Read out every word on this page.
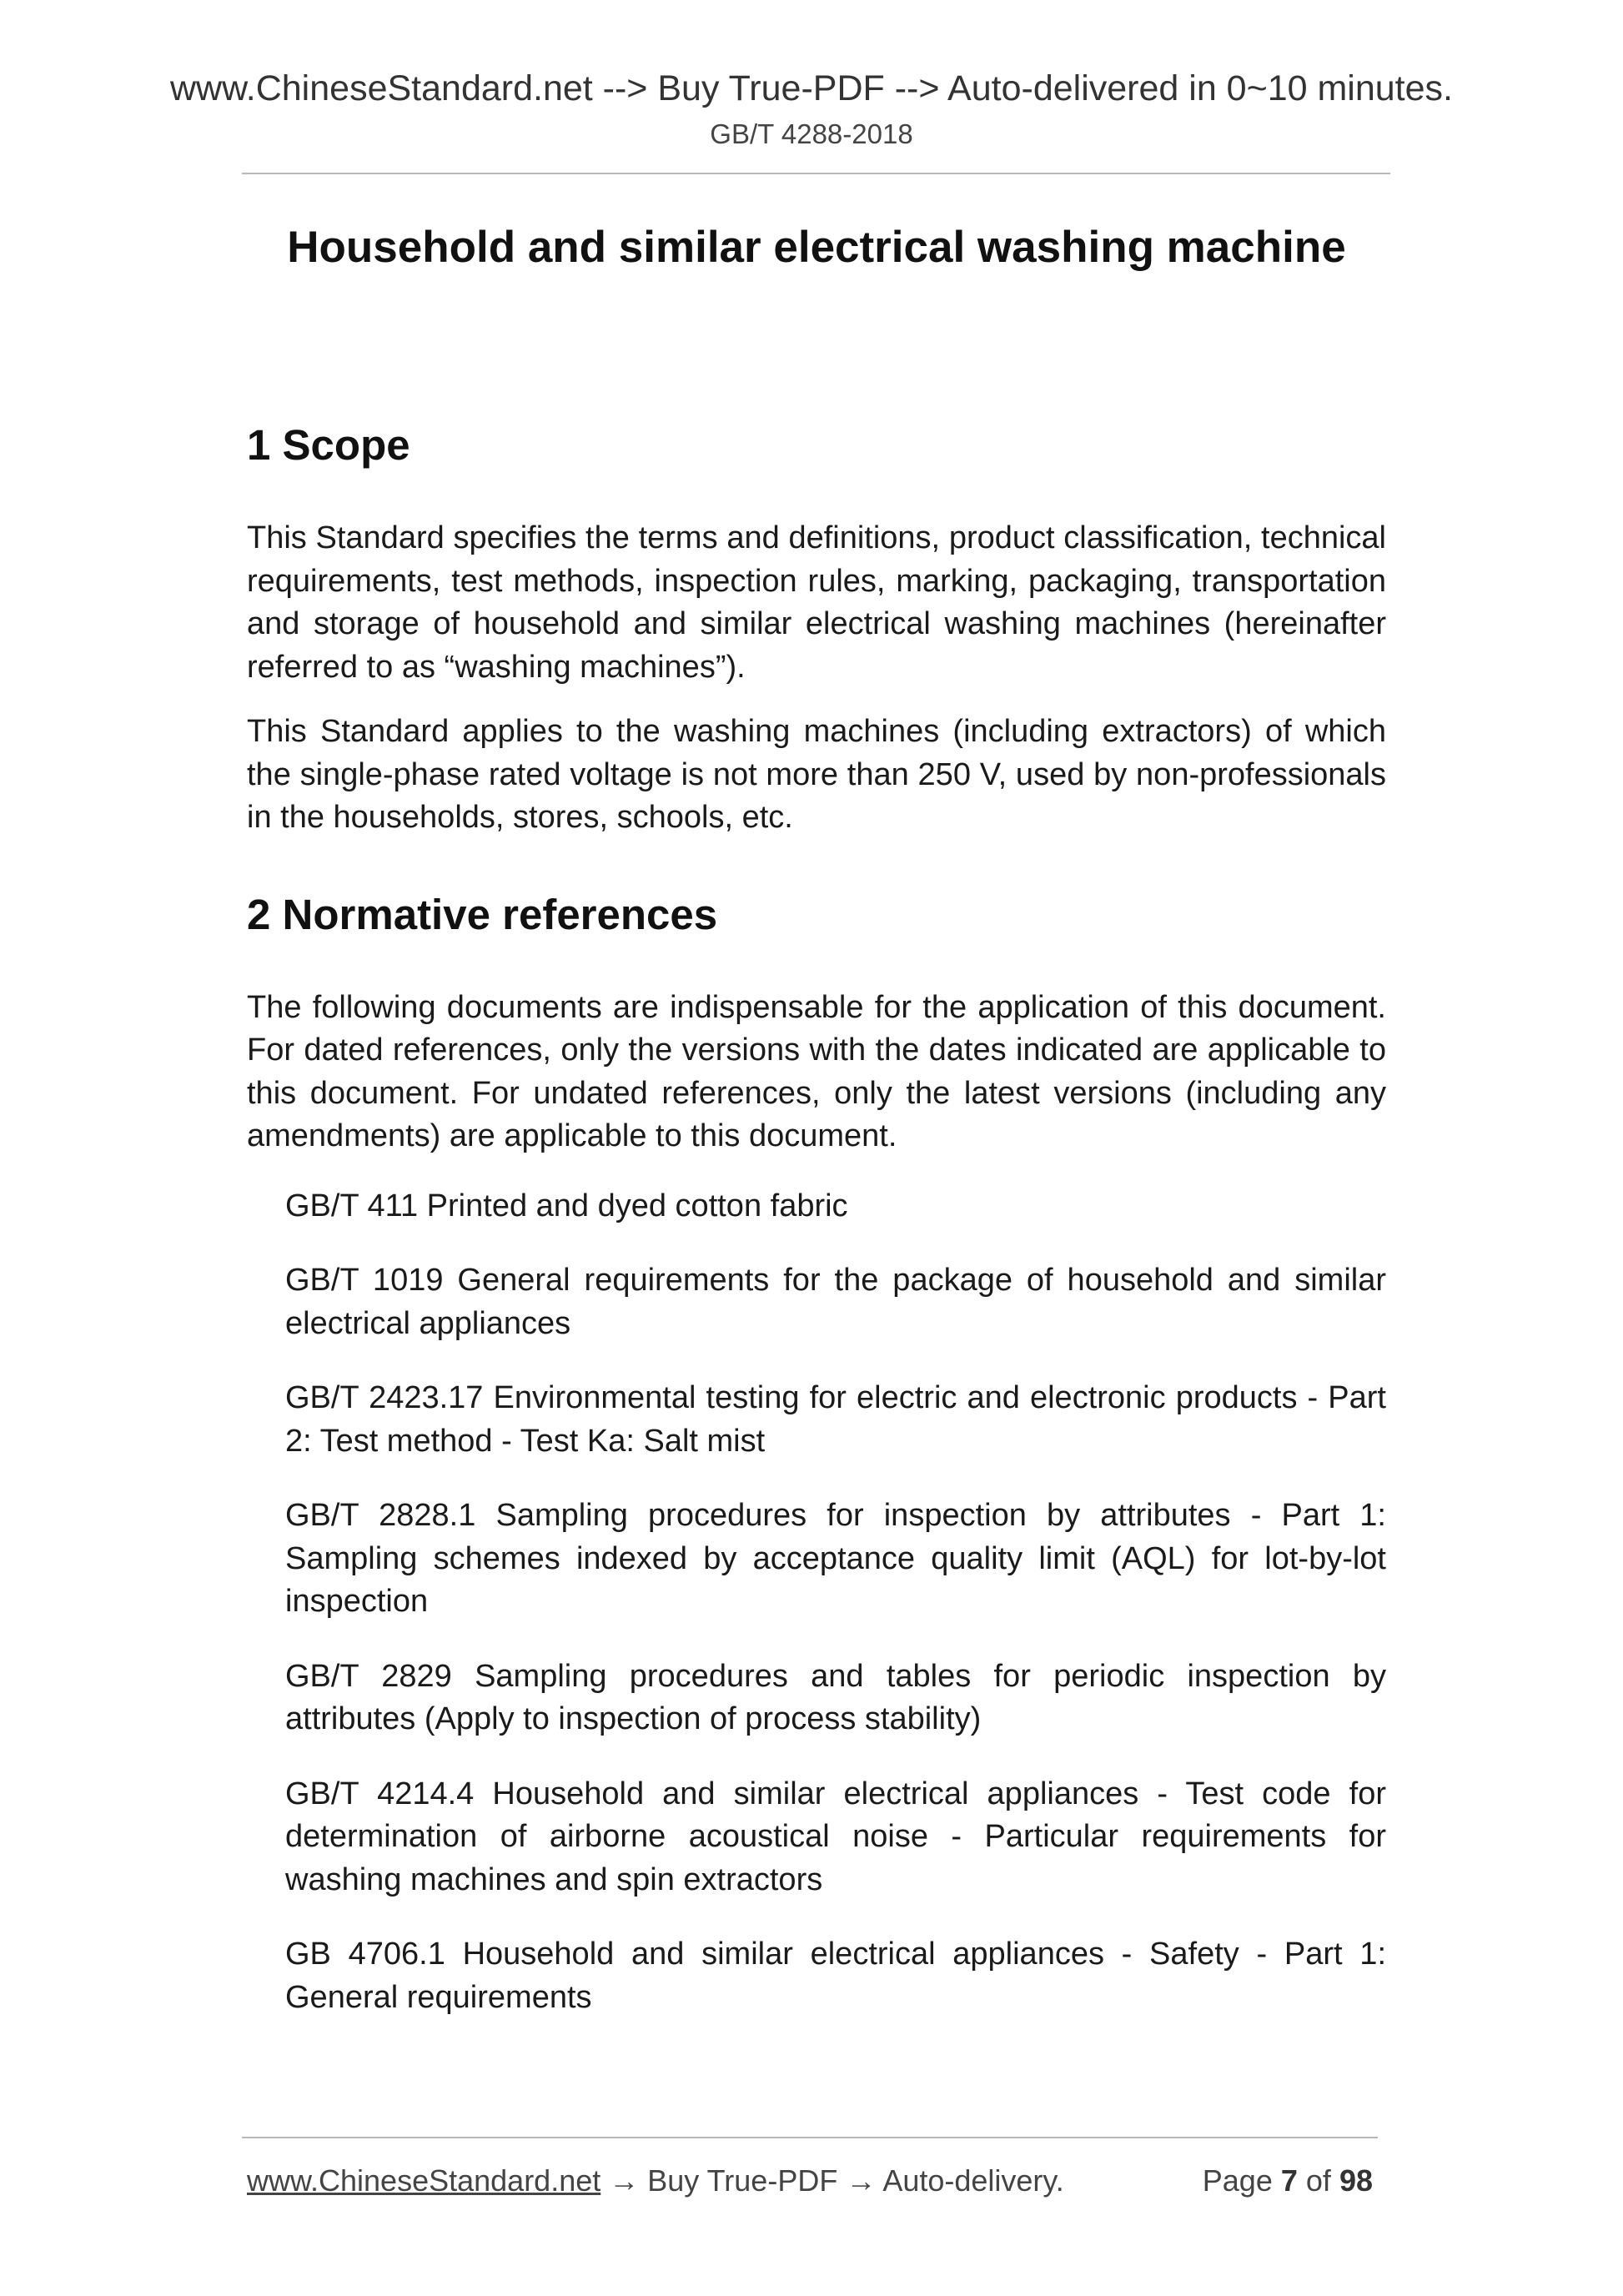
www.ChineseStandard.net --> Buy True-PDF --> Auto-delivered in 0~10 minutes.
GB/T 4288-2018
Household and similar electrical washing machine
1 Scope

This Standard specifies the terms and definitions, product classification, technical requirements, test methods, inspection rules, marking, packaging, transportation and storage of household and similar electrical washing machines (hereinafter referred to as “washing machines”).

This Standard applies to the washing machines (including extractors) of which the single-phase rated voltage is not more than 250 V, used by non-professionals in the households, stores, schools, etc.

2 Normative references

The following documents are indispensable for the application of this document. For dated references, only the versions with the dates indicated are applicable to this document. For undated references, only the latest versions (including any amendments) are applicable to this document.

GB/T 411 Printed and dyed cotton fabric

GB/T 1019 General requirements for the package of household and similar electrical appliances

GB/T 2423.17 Environmental testing for electric and electronic products - Part 2: Test method - Test Ka: Salt mist

GB/T 2828.1 Sampling procedures for inspection by attributes - Part 1: Sampling schemes indexed by acceptance quality limit (AQL) for lot-by-lot inspection

GB/T 2829 Sampling procedures and tables for periodic inspection by attributes (Apply to inspection of process stability)

GB/T 4214.4 Household and similar electrical appliances - Test code for determination of airborne acoustical noise - Particular requirements for washing machines and spin extractors

GB 4706.1 Household and similar electrical appliances - Safety - Part 1: General requirements

www.ChineseStandard.net → Buy True-PDF → Auto-delivery.	Page 7 of 98
